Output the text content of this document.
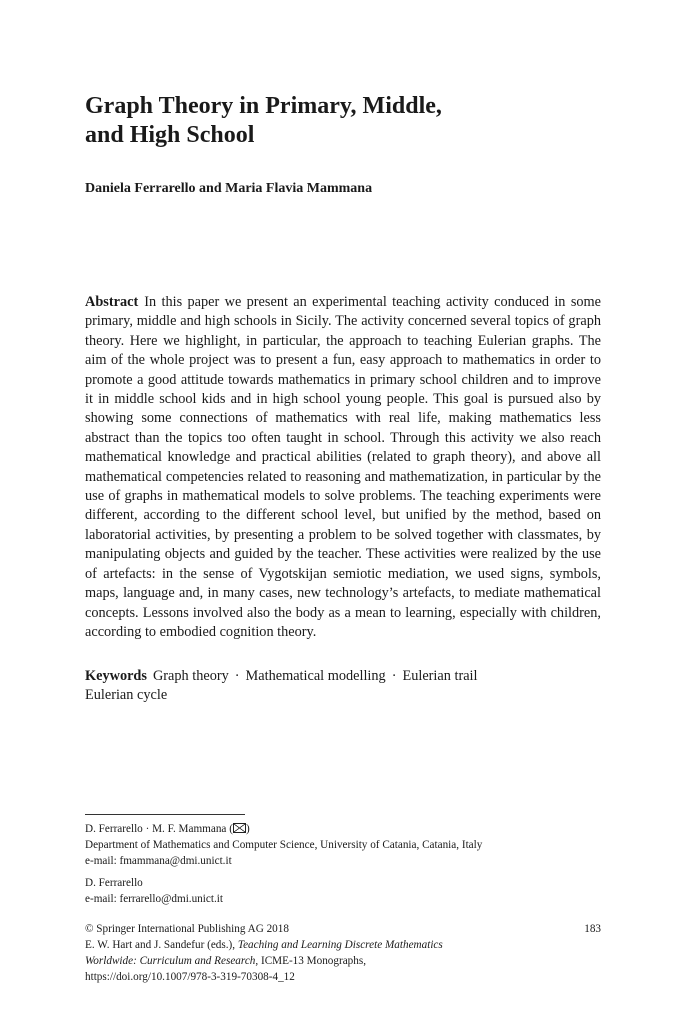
Graph Theory in Primary, Middle,
and High School
Daniela Ferrarello and Maria Flavia Mammana

Abstract In this paper we present an experimental teaching activity conduced in some primary, middle and high schools in Sicily. The activity concerned several topics of graph theory. Here we highlight, in particular, the approach to teaching Eulerian graphs. The aim of the whole project was to present a fun, easy approach to mathematics in order to promote a good attitude towards mathematics in primary school children and to improve it in middle school kids and in high school young people. This goal is pursued also by showing some connections of mathematics with real life, making mathematics less abstract than the topics too often taught in school. Through this activity we also reach mathematical knowledge and practical abilities (related to graph theory), and above all mathematical competencies related to reasoning and mathematization, in particular by the use of graphs in mathematical models to solve problems. The teaching experiments were different, according to the different school level, but unified by the method, based on laboratorial activities, by presenting a problem to be solved together with classmates, by manipulating objects and guided by the teacher. These activities were realized by the use of artefacts: in the sense of Vygotskijan semiotic mediation, we used signs, symbols, maps, language and, in many cases, new technology’s artefacts, to mediate mathematical concepts. Lessons involved also the body as a mean to learning, especially with children, according to embodied cognition theory.

Keywords Graph theory · Mathematical modelling · Eulerian trail
Eulerian cycle

D. Ferrarello · M. F. Mammana ( )
Department of Mathematics and Computer Science, University of Catania, Catania, Italy
e-mail: fmammana@dmi.unict.it
D. Ferrarello
e-mail: ferrarello@dmi.unict.it
183
© Springer International Publishing AG 2018
E. W. Hart and J. Sandefur (eds.), Teaching and Learning Discrete Mathematics
Worldwide: Curriculum and Research, ICME-13 Monographs,
https://doi.org/10.1007/978-3-319-70308-4_12
